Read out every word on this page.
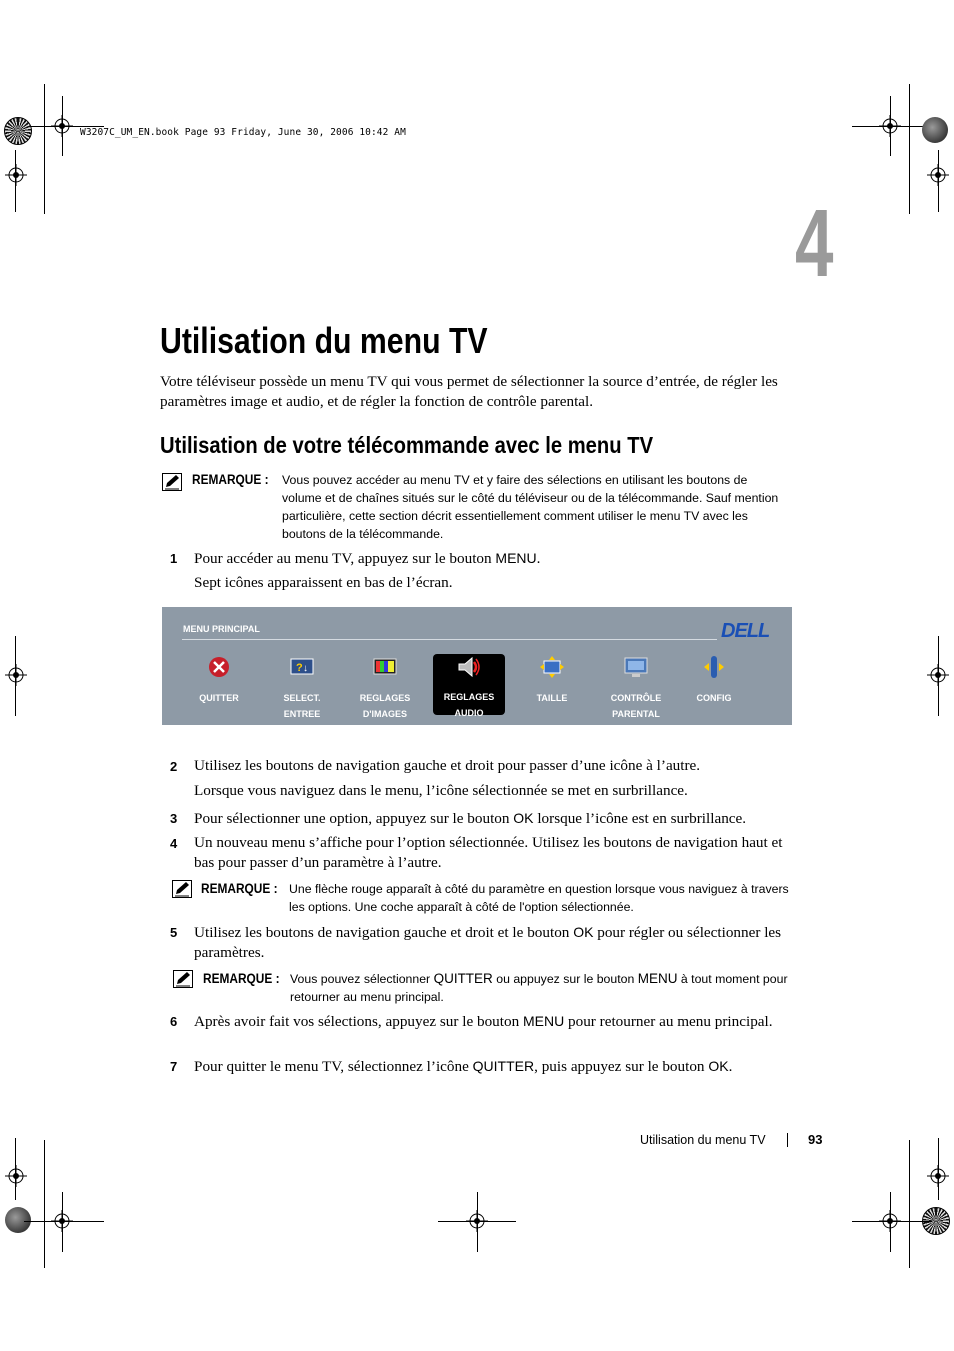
W3207C_UM_EN.book Page 93 Friday, June 30, 2006 10:42 AM
4
Utilisation du menu TV

Votre téléviseur possède un menu TV qui vous permet de sélectionner la source d’entrée, de régler les paramètres image et audio, et de régler la fonction de contrôle parental.

Utilisation de votre télécommande avec le menu TV
REMARQUE : Vous pouvez accéder au menu TV et y faire des sélections en utilisant les boutons de volume et de chaînes situés sur le côté du téléviseur ou de la télécommande. Sauf mention particulière, cette section décrit essentiellement comment utiliser le menu TV avec les boutons de la télécommande.
1 Pour accéder au menu TV, appuyez sur le bouton MENU.
Sept icônes apparaissent en bas de l’écran.
MENU PRINCIPAL	DELL
QUITTER
? ↓
SELECT.
ENTREE
REGLAGES
D'IMAGES
REGLAGES
AUDIO
TAILLE	CONTRÔLE
PARENTAL
CONFIG
2 Utilisez les boutons de navigation gauche et droit pour passer d’une icône à l’autre.
Lorsque vous naviguez dans le menu, l’icône sélectionnée se met en surbrillance.
3 Pour sélectionner une option, appuyez sur le bouton OK lorsque l’icône est en surbrillance.
4 Un nouveau menu s’affiche pour l’option sélectionnée. Utilisez les boutons de navigation haut et bas pour passer d’un paramètre à l’autre.
REMARQUE : Une flèche rouge apparaît à côté du paramètre en question lorsque vous naviguez à travers les options. Une coche apparaît à côté de l'option sélectionnée.
5 Utilisez les boutons de navigation gauche et droit et le bouton OK pour régler ou sélectionner les paramètres.
REMARQUE : Vous pouvez sélectionner QUITTER ou appuyez sur le bouton MENU à tout moment pour retourner au menu principal.
6 Après avoir fait vos sélections, appuyez sur le bouton MENU pour retourner au menu principal.
7 Pour quitter le menu TV, sélectionnez l’icône QUITTER, puis appuyez sur le bouton OK.
Utilisation du menu TV	93
